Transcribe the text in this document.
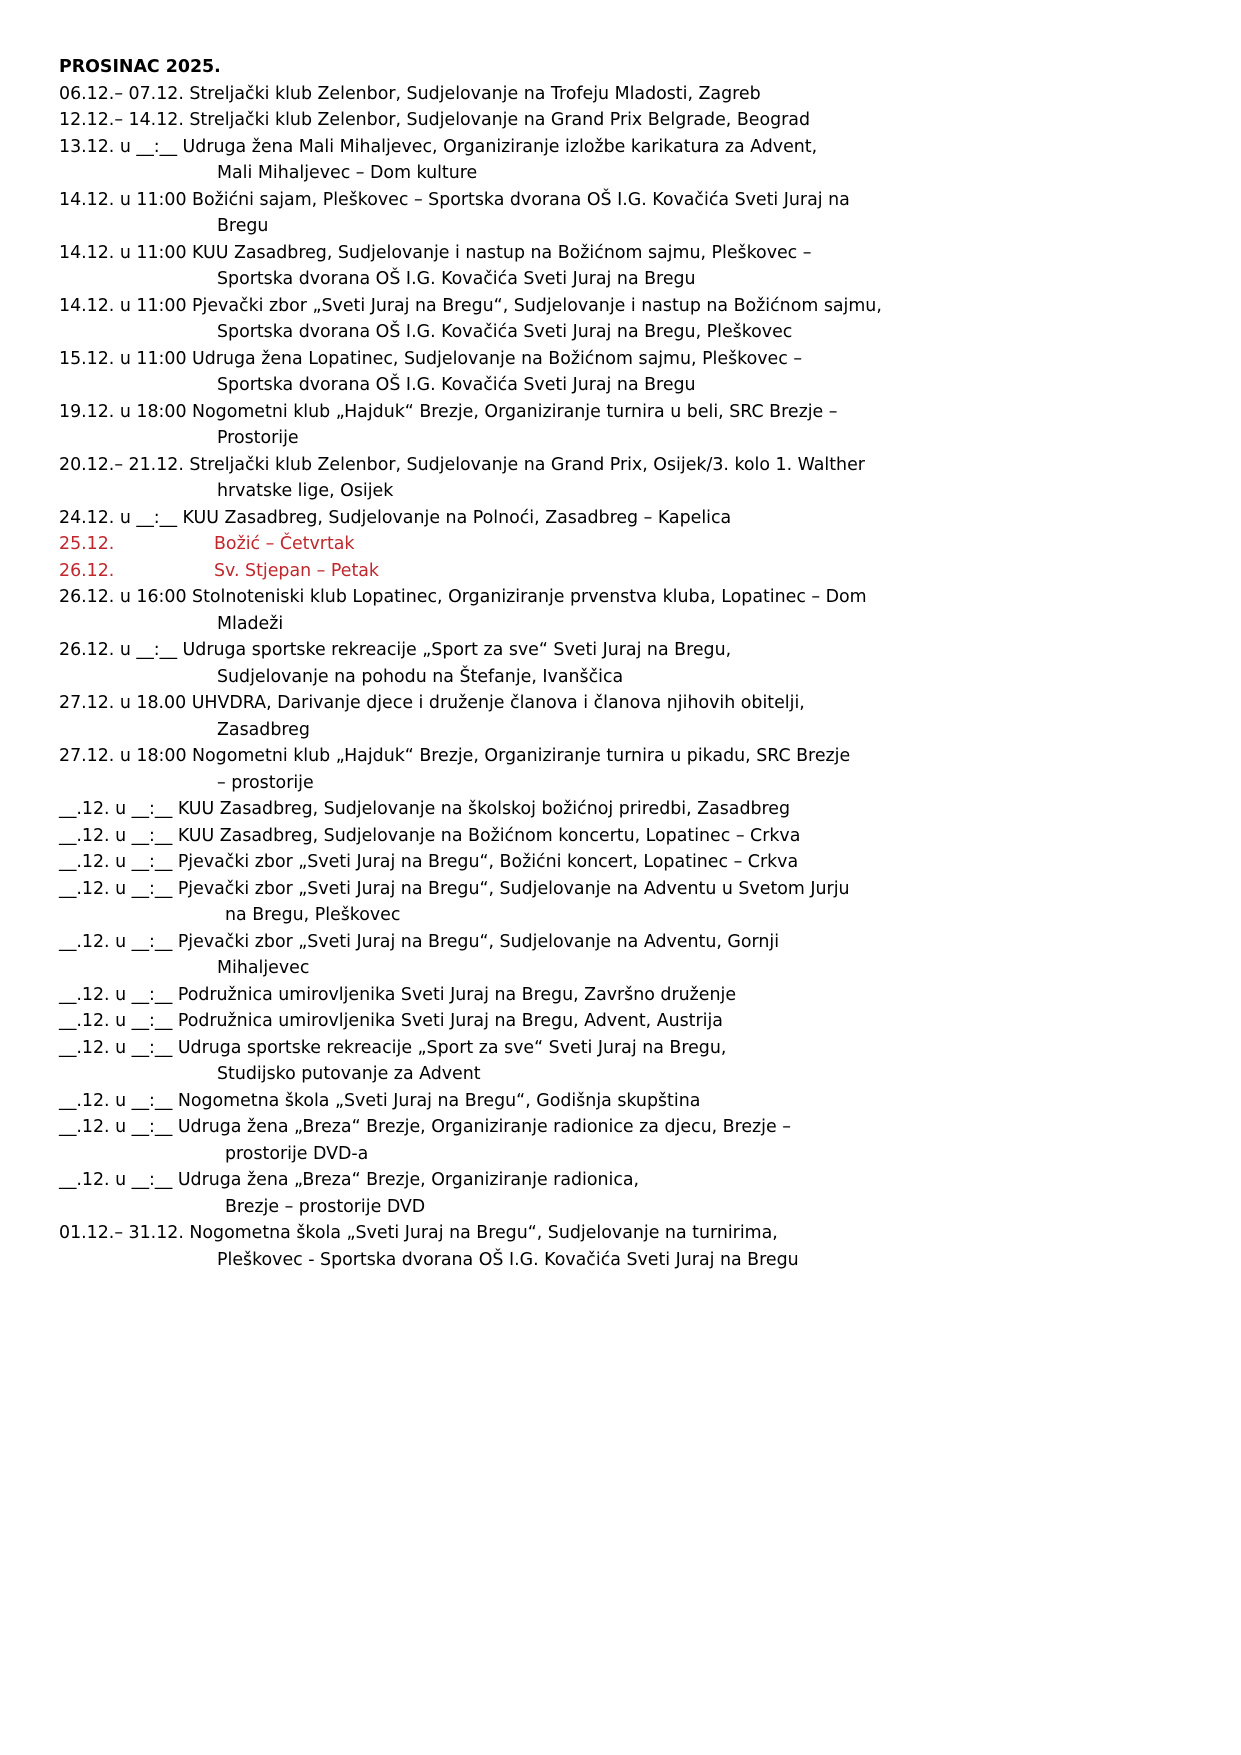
PROSINAC 2025.
06.12.– 07.12. Streljački klub Zelenbor, Sudjelovanje na Trofeju Mladosti, Zagreb
12.12.– 14.12. Streljački klub Zelenbor, Sudjelovanje na Grand Prix Belgrade, Beograd
13.12. u __:__ Udruga žena Mali Mihaljevec, Organiziranje izložbe karikatura za Advent,
Mali Mihaljevec – Dom kulture
14.12. u 11:00 Božićni sajam, Pleškovec – Sportska dvorana OŠ I.G. Kovačića Sveti Juraj na
Bregu
14.12. u 11:00 KUU Zasadbreg, Sudjelovanje i nastup na Božićnom sajmu, Pleškovec –
Sportska dvorana OŠ I.G. Kovačića Sveti Juraj na Bregu
14.12. u 11:00 Pjevački zbor „Sveti Juraj na Bregu“, Sudjelovanje i nastup na Božićnom sajmu,
Sportska dvorana OŠ I.G. Kovačića Sveti Juraj na Bregu, Pleškovec
15.12. u 11:00 Udruga žena Lopatinec, Sudjelovanje na Božićnom sajmu, Pleškovec –
Sportska dvorana OŠ I.G. Kovačića Sveti Juraj na Bregu
19.12. u 18:00 Nogometni klub „Hajduk“ Brezje, Organiziranje turnira u beli, SRC Brezje –
Prostorije
20.12.– 21.12. Streljački klub Zelenbor, Sudjelovanje na Grand Prix, Osijek/3. kolo 1. Walther
hrvatske lige, Osijek
24.12. u __:__ KUU Zasadbreg, Sudjelovanje na Polnoći, Zasadbreg – Kapelica
25.12.	Božić – Četvrtak
26.12.	Sv. Stjepan – Petak
26.12. u 16:00 Stolnoteniski klub Lopatinec, Organiziranje prvenstva kluba, Lopatinec – Dom
Mladeži
26.12. u __:__ Udruga sportske rekreacije „Sport za sve“ Sveti Juraj na Bregu,
Sudjelovanje na pohodu na Štefanje, Ivanščica
27.12. u 18.00 UHVDRA, Darivanje djece i druženje članova i članova njihovih obitelji,
Zasadbreg
27.12. u 18:00 Nogometni klub „Hajduk“ Brezje, Organiziranje turnira u pikadu, SRC Brezje
– prostorije
__.12. u __:__ KUU Zasadbreg, Sudjelovanje na školskoj božićnoj priredbi, Zasadbreg
__.12. u __:__ KUU Zasadbreg, Sudjelovanje na Božićnom koncertu, Lopatinec – Crkva
__.12. u __:__ Pjevački zbor „Sveti Juraj na Bregu“, Božićni koncert, Lopatinec – Crkva
__.12. u __:__ Pjevački zbor „Sveti Juraj na Bregu“, Sudjelovanje na Adventu u Svetom Jurju
na Bregu, Pleškovec
__.12. u __:__ Pjevački zbor „Sveti Juraj na Bregu“, Sudjelovanje na Adventu, Gornji
Mihaljevec
__.12. u __:__ Podružnica umirovljenika Sveti Juraj na Bregu, Završno druženje
__.12. u __:__ Podružnica umirovljenika Sveti Juraj na Bregu, Advent, Austrija
__.12. u __:__ Udruga sportske rekreacije „Sport za sve“ Sveti Juraj na Bregu,
Studijsko putovanje za Advent
__.12. u __:__ Nogometna škola „Sveti Juraj na Bregu“, Godišnja skupština
__.12. u __:__ Udruga žena „Breza“ Brezje, Organiziranje radionice za djecu, Brezje –
prostorije DVD-a
__.12. u __:__ Udruga žena „Breza“ Brezje, Organiziranje radionica,
Brezje – prostorije DVD
01.12.– 31.12. Nogometna škola „Sveti Juraj na Bregu“, Sudjelovanje na turnirima,
Pleškovec - Sportska dvorana OŠ I.G. Kovačića Sveti Juraj na Bregu
